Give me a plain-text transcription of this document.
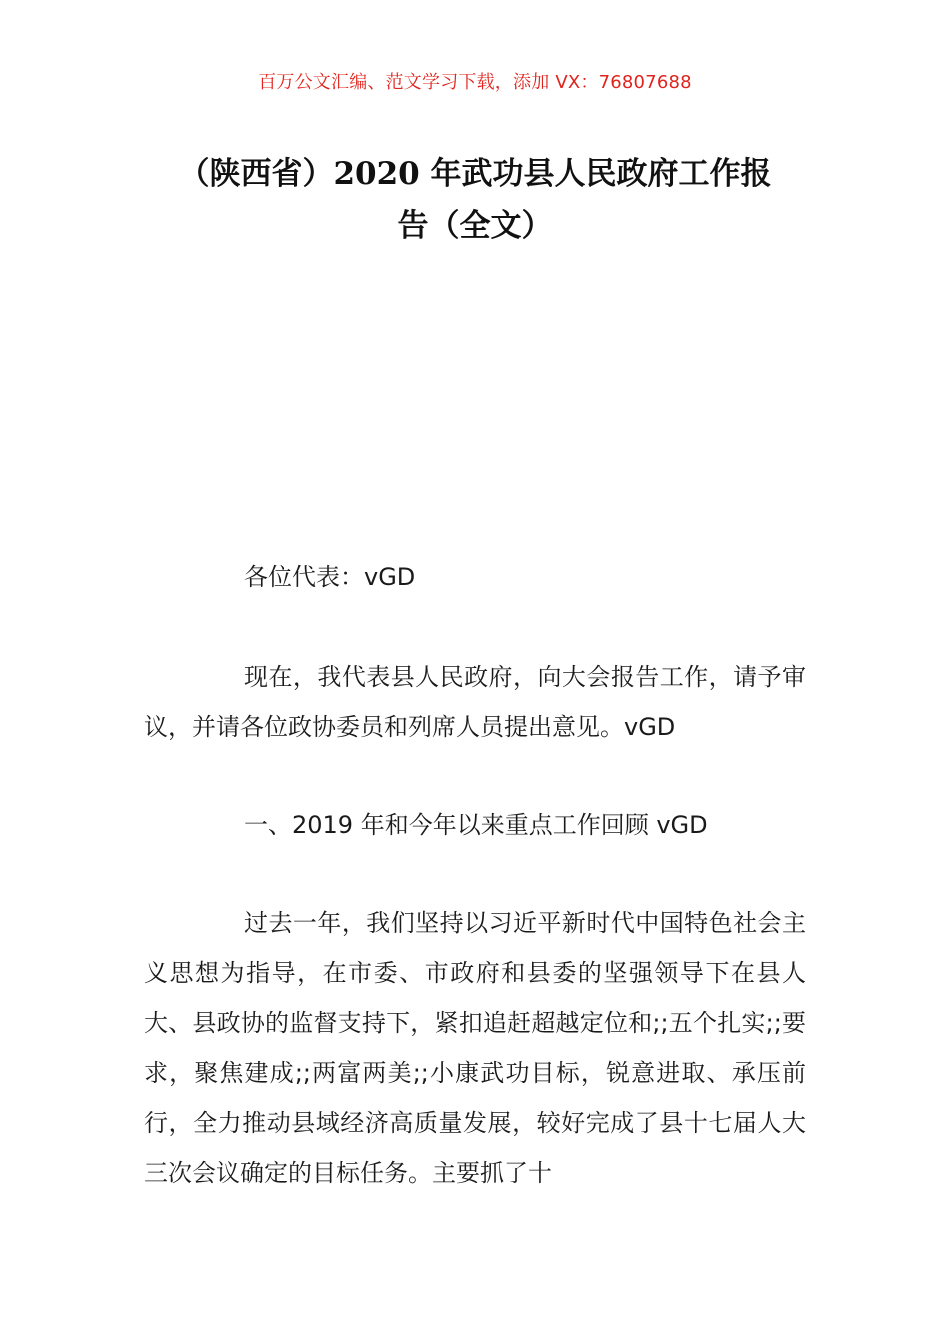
百万公文汇编、范文学习下载，添加 VX：76807688
（陕西省）2020 年武功县人民政府工作报
告（全文）

各位代表：vGD

现在，我代表县人民政府，向大会报告工作，请予审议，并请各位政协委员和列席人员提出意见。vGD

一、2019 年和今年以来重点工作回顾 vGD

过去一年，我们坚持以习近平新时代中国特色社会主义思想为指导，在市委、市政府和县委的坚强领导下在县人大、县政协的监督支持下，紧扣追赶超越定位和;;五个扎实;;要求，聚焦建成;;两富两美;;小康武功目标，锐意进取、承压前行，全力推动县域经济高质量发展，较好完成了县十七届人大三次会议确定的目标任务。主要抓了十
